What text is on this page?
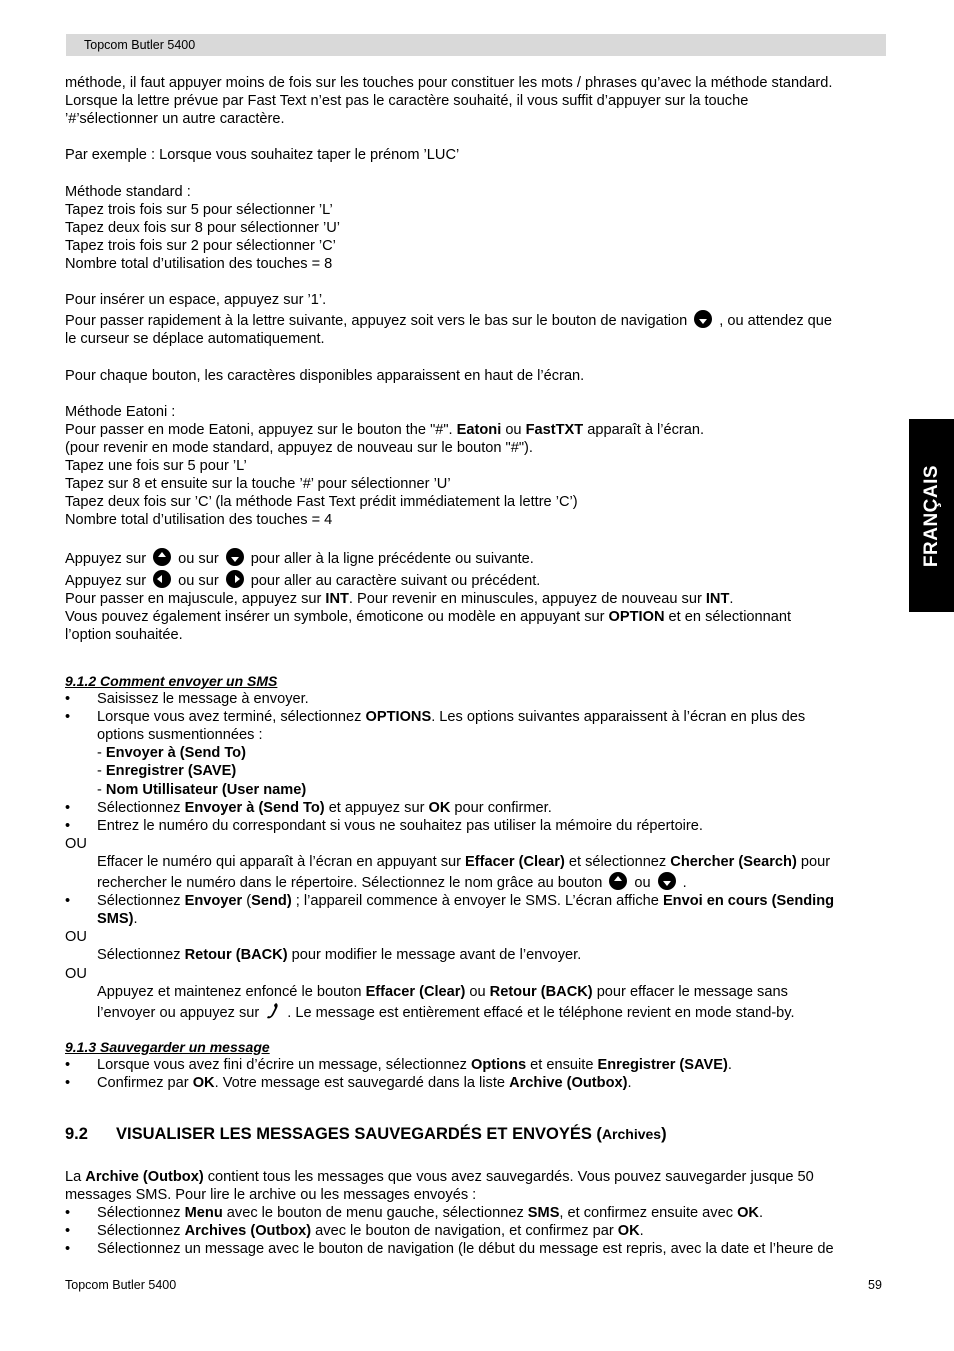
Topcom Butler 5400
FRANÇAIS

méthode, il faut appuyer moins de fois sur les touches pour constituer les mots / phrases qu’avec la méthode standard.

Lorsque la lettre prévue par Fast Text n’est pas le caractère souhaité, il vous suffit d’appuyer sur la touche

’#’sélectionner un autre caractère.

Par exemple : Lorsque vous souhaitez taper le prénom ’LUC’

Méthode standard :

Tapez trois fois sur 5 pour sélectionner ’L’

Tapez deux fois sur 8 pour sélectionner ’U’

Tapez trois fois sur 2 pour sélectionner ’C’

Nombre total d’utilisation des touches = 8

Pour insérer un espace, appuyez sur ’1’.

Pour passer rapidement à la lettre suivante, appuyez soit vers le bas sur le bouton de navigation , ou attendez que

le curseur se déplace automatiquement.

Pour chaque bouton, les caractères disponibles apparaissent en haut de l’écran.

Méthode Eatoni :

Pour passer en mode Eatoni, appuyez sur le bouton the "#". Eatoni ou FastTXT apparaît à l’écran.

(pour revenir en mode standard, appuyez de nouveau sur le bouton "#").

Tapez une fois sur 5 pour ’L’

Tapez sur 8 et ensuite sur la touche ’#’ pour sélectionner ’U’

Tapez deux fois sur ’C’ (la méthode Fast Text prédit immédiatement la lettre ’C’)

Nombre total d’utilisation des touches = 4

Appuyez sur ou sur pour aller à la ligne précédente ou suivante.

Appuyez sur ou sur pour aller au caractère suivant ou précédent.

Pour passer en majuscule, appuyez sur INT. Pour revenir en minuscules, appuyez de nouveau sur INT.

Vous pouvez également insérer un symbole, émoticone ou modèle en appuyant sur OPTION et en sélectionnant

l’option souhaitée.

9.1.2 Comment envoyer un SMS

• Saisissez le message à envoyer.

• Lorsque vous avez terminé, sélectionnez OPTIONS. Les options suivantes apparaissent à l’écran en plus des

options susmentionnées :

- Envoyer à (Send To)

- Enregistrer (SAVE)

- Nom Utillisateur (User name)

• Sélectionnez Envoyer à (Send To) et appuyez sur OK pour confirmer.

• Entrez le numéro du correspondant si vous ne souhaitez pas utiliser la mémoire du répertoire.

OU

Effacer le numéro qui apparaît à l’écran en appuyant sur Effacer (Clear) et sélectionnez Chercher (Search) pour

rechercher le numéro dans le répertoire. Sélectionnez le nom grâce au bouton ou .

• Sélectionnez Envoyer (Send) ; l’appareil commence à envoyer le SMS. L’écran affiche Envoi en cours (Sending

SMS).

OU

Sélectionnez Retour (BACK) pour modifier le message avant de l’envoyer.

OU

Appuyez et maintenez enfoncé le bouton Effacer (Clear) ou Retour (BACK) pour effacer le message sans

l’envoyer ou appuyez sur . Le message est entièrement effacé et le téléphone revient en mode stand-by.

9.1.3 Sauvegarder un message

• Lorsque vous avez fini d’écrire un message, sélectionnez Options et ensuite Enregistrer (SAVE).

• Confirmez par OK. Votre message est sauvegardé dans la liste Archive (Outbox).

9.2 VISUALISER LES MESSAGES SAUVEGARDÉS ET ENVOYÉS (Archives)

La Archive (Outbox) contient tous les messages que vous avez sauvegardés. Vous pouvez sauvegarder jusque 50

messages SMS. Pour lire le archive ou les messages envoyés :

• Sélectionnez Menu avec le bouton de menu gauche, sélectionnez SMS, et confirmez ensuite avec OK.

• Sélectionnez Archives (Outbox) avec le bouton de navigation, et confirmez par OK.

• Sélectionnez un message avec le bouton de navigation (le début du message est repris, avec la date et l’heure de

Topcom Butler 5400	59
